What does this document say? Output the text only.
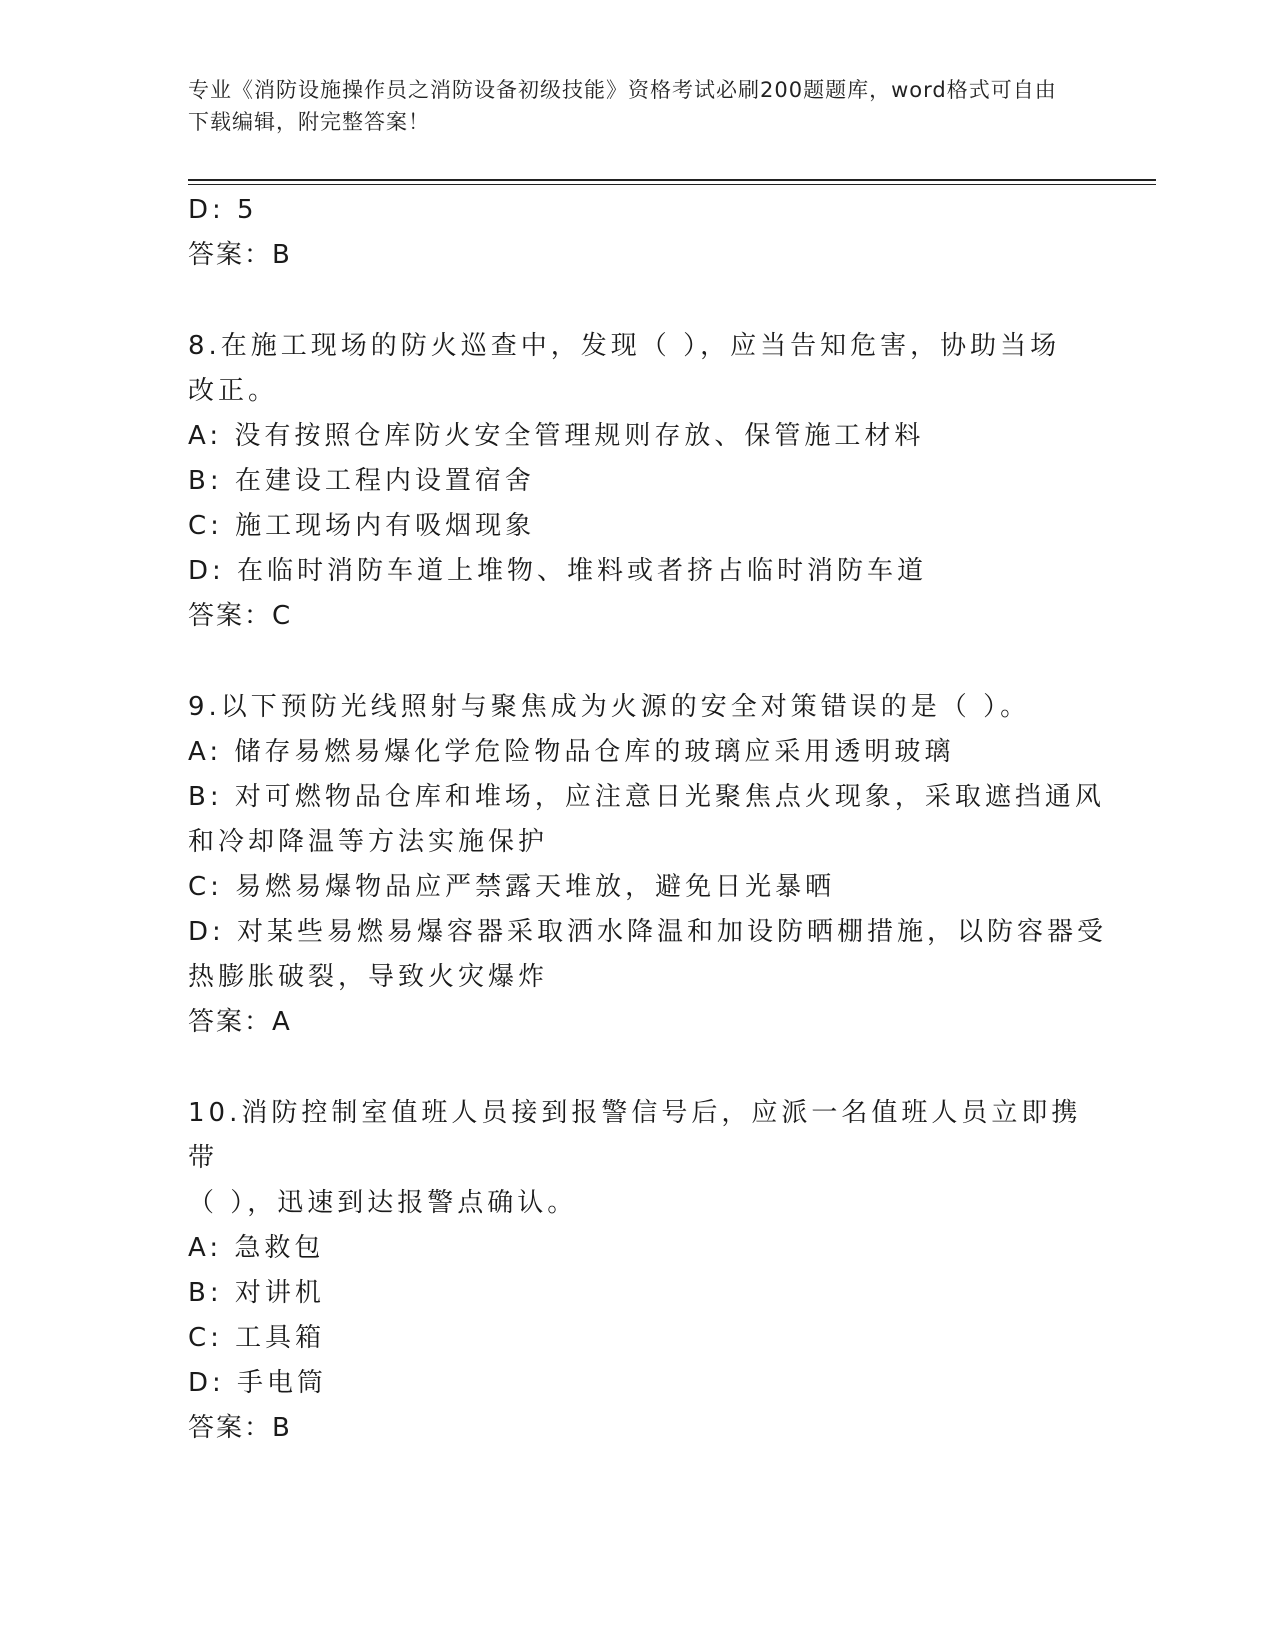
专业《消防设施操作员之消防设备初级技能》资格考试必刷200题题库，word格式可自由下载编辑，附完整答案！
D: 5
答案：B
8.在施工现场的防火巡查中，发现（ ），应当告知危害，协助当场
改正。
A: 没有按照仓库防火安全管理规则存放、保管施工材料
B: 在建设工程内设置宿舍
C: 施工现场内有吸烟现象
D: 在临时消防车道上堆物、堆料或者挤占临时消防车道
答案：C
9.以下预防光线照射与聚焦成为火源的安全对策错误的是（ ）。
A: 储存易燃易爆化学危险物品仓库的玻璃应采用透明玻璃
B: 对可燃物品仓库和堆场，应注意日光聚焦点火现象，采取遮挡通风
和冷却降温等方法实施保护
C: 易燃易爆物品应严禁露天堆放，避免日光暴晒
D: 对某些易燃易爆容器采取洒水降温和加设防晒棚措施，以防容器受
热膨胀破裂，导致火灾爆炸
答案：A
10.消防控制室值班人员接到报警信号后，应派一名值班人员立即携带
（ ），迅速到达报警点确认。
A: 急救包
B: 对讲机
C: 工具箱
D: 手电筒
答案：B
